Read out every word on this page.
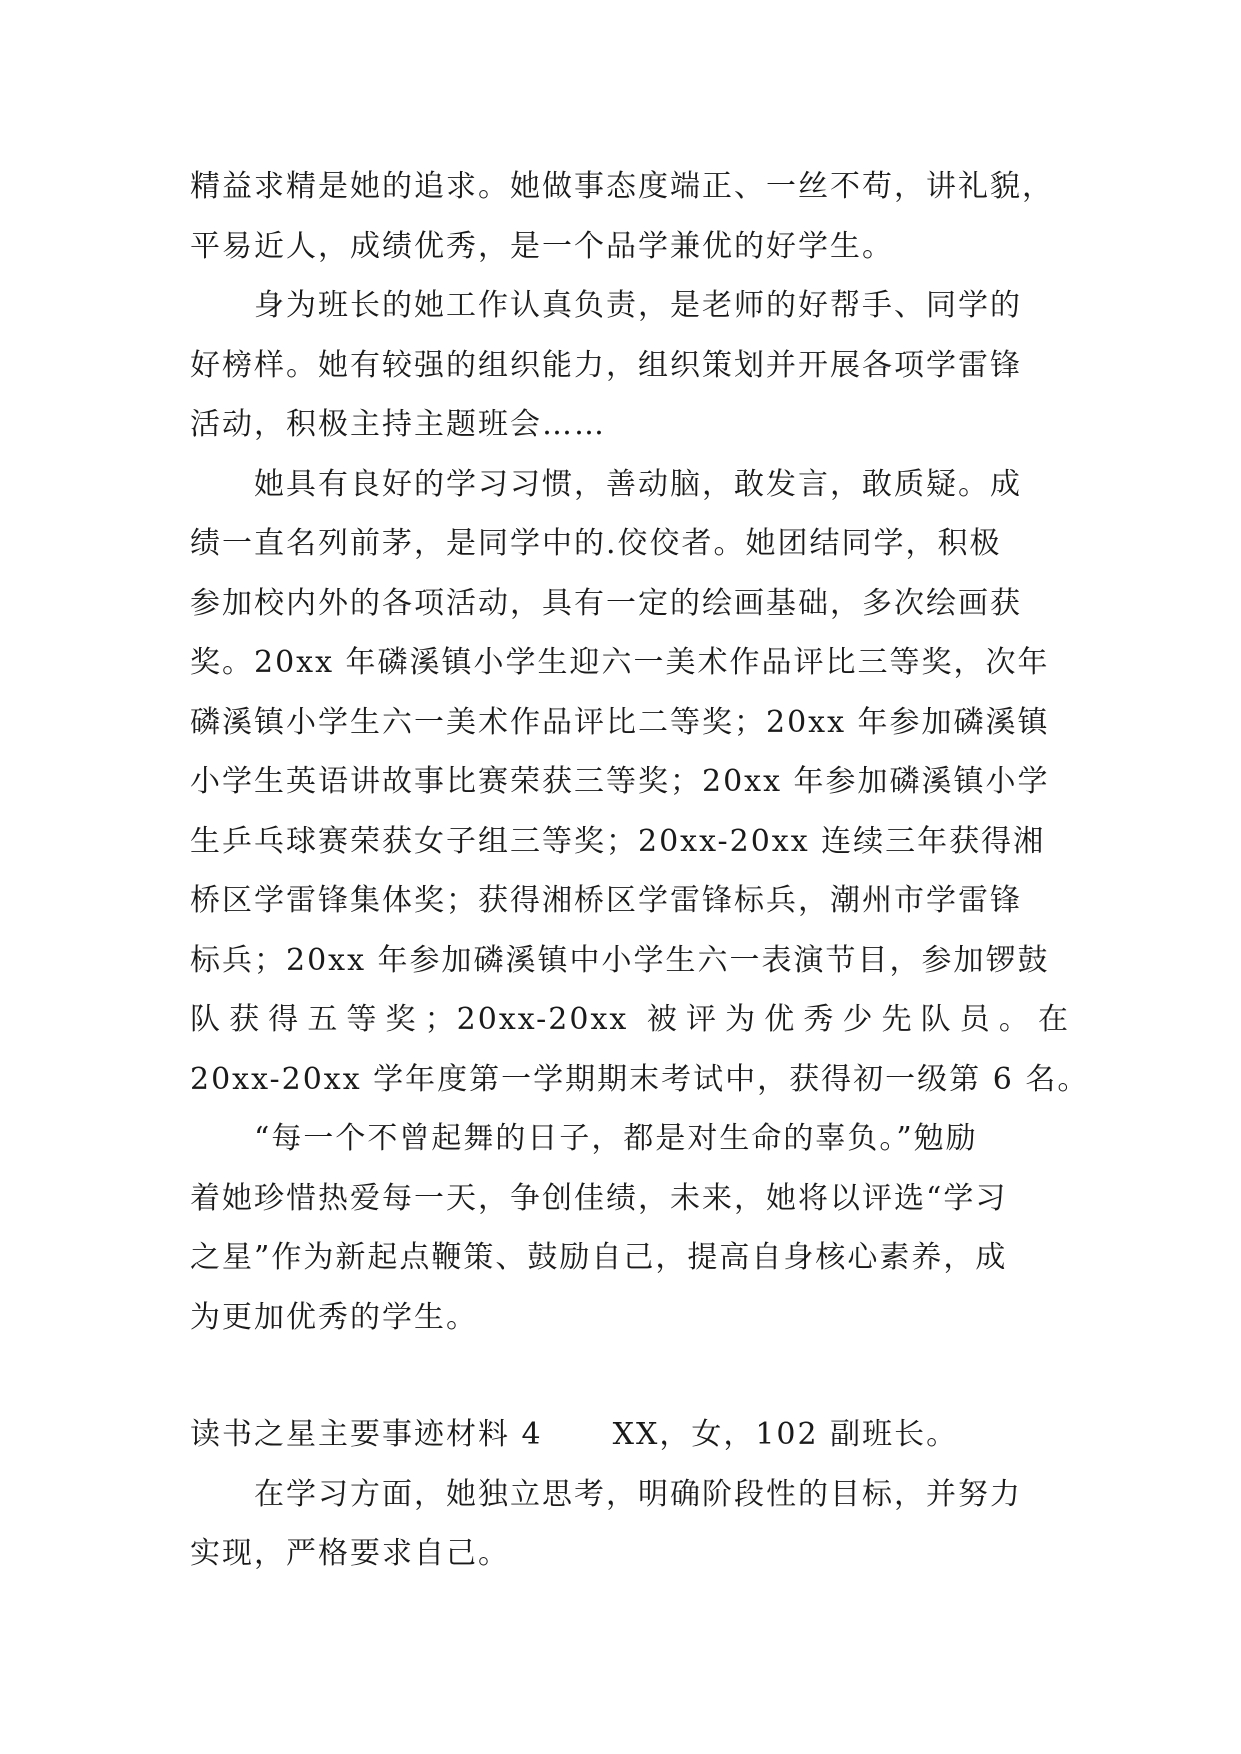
精益求精是她的追求。她做事态度端正、一丝不苟，讲礼貌，
平易近人，成绩优秀，是一个品学兼优的好学生。
身为班长的她工作认真负责，是老师的好帮手、同学的
好榜样。她有较强的组织能力，组织策划并开展各项学雷锋
活动，积极主持主题班会……
她具有良好的学习习惯，善动脑，敢发言，敢质疑。成
绩一直名列前茅，是同学中的.佼佼者。她团结同学，积极
参加校内外的各项活动，具有一定的绘画基础，多次绘画获
奖。20xx 年磷溪镇小学生迎六一美术作品评比三等奖，次年
磷溪镇小学生六一美术作品评比二等奖；20xx 年参加磷溪镇
小学生英语讲故事比赛荣获三等奖；20xx 年参加磷溪镇小学
生乒乓球赛荣获女子组三等奖；20xx-20xx 连续三年获得湘
桥区学雷锋集体奖；获得湘桥区学雷锋标兵，潮州市学雷锋
标兵；20xx 年参加磷溪镇中小学生六一表演节目，参加锣鼓
队获得五等奖；20xx-20xx 被评为优秀少先队员。在
20xx-20xx 学年度第一学期期末考试中，获得初一级第 6 名。
“每一个不曾起舞的日子，都是对生命的辜负。”勉励
着她珍惜热爱每一天，争创佳绩，未来，她将以评选“学习
之星”作为新起点鞭策、鼓励自己，提高自身核心素养，成
为更加优秀的学生。
读书之星主要事迹材料 4 XX，女，102 副班长。
在学习方面，她独立思考，明确阶段性的目标，并努力
实现，严格要求自己。
